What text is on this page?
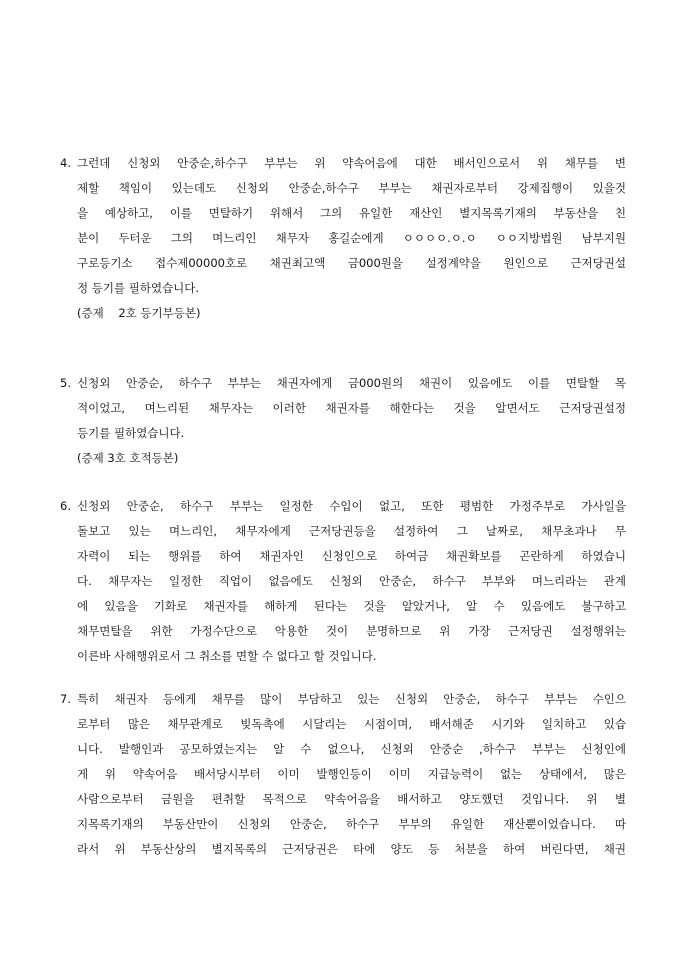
4. 그런데 신청외 안중순,하수구 부부는 위 약속어음에 대한 배서인으로서 위 채무를 변
제할 책임이 있는데도 신청외 안중순,하수구 부부는 채권자로부터 강제집행이 있을것
을 예상하고, 이를 면탈하기 위해서 그의 유일한 재산인 별지목록기재의 부동산을 친
분이 두터운 그의 며느리인 채무자 홍길순에게 ㅇㅇㅇㅇ.ㅇ.ㅇ ㅇㅇ지방법원 남부지원
구로등기소 접수제00000호로 채권최고액 금000원을 설정계약을 원인으로 근저당권설
정 등기를 필하였습니다.
(증제    2호 등기부등본)
5. 신청외 안중순, 하수구 부부는 채권자에게 금000원의 채권이 있음에도 이를 면탈할 목
적이었고, 며느리된 채무자는 이러한 채권자를 해한다는 것을 알면서도 근저당권설정
등기를 필하였습니다.
(증제 3호 호적등본)
6. 신청외 안중순, 하수구 부부는 일정한 수입이 없고, 또한 평범한 가정주부로 가사일을
돌보고 있는 며느리인, 채무자에게 근저당권등을 설정하여 그 날짜로, 채무초과나 무
자력이 되는 행위를 하여 채권자인 신청인으로 하여금 채권확보를 곤란하게 하였습니
다. 채무자는 일정한 직업이 없음에도 신청외 안중순, 하수구 부부와 며느리라는 관계
에 있음을 기화로 채권자를 해하게 된다는 것을 알았거나, 알 수 있음에도 불구하고
채무면탈을 위한 가정수단으로 악용한 것이 분명하므로 위 가장 근저당권 설정행위는
이른바 사해행위로서 그 취소를 면할 수 없다고 할 것입니다.
7. 특히 채권자 등에게 채무를 많이 부담하고 있는 신청외 안중순, 하수구 부부는 수인으
로부터 많은 채무관계로 빚독촉에 시달리는 시점이며, 배서해준 시기와 일치하고 있습
니다. 발행인과 공모하였는지는 알 수 없으나, 신청외 안중순 ,하수구 부부는 신청인에
게 위 약속어음 배서당시부터 이미 발행인등이 이미 지급능력이 없는 상태에서, 많은
사람으로부터 금원을 편취할 목적으로 약속어음을 배서하고 양도했던 것입니다. 위 별
지목록기재의 부동산만이 신청외 안중순, 하수구 부부의 유일한 재산뿐이었습니다. 따
라서 위 부동산상의 별지목록의 근저당권은 타에 양도 등 처분을 하여 버린다면, 채권
